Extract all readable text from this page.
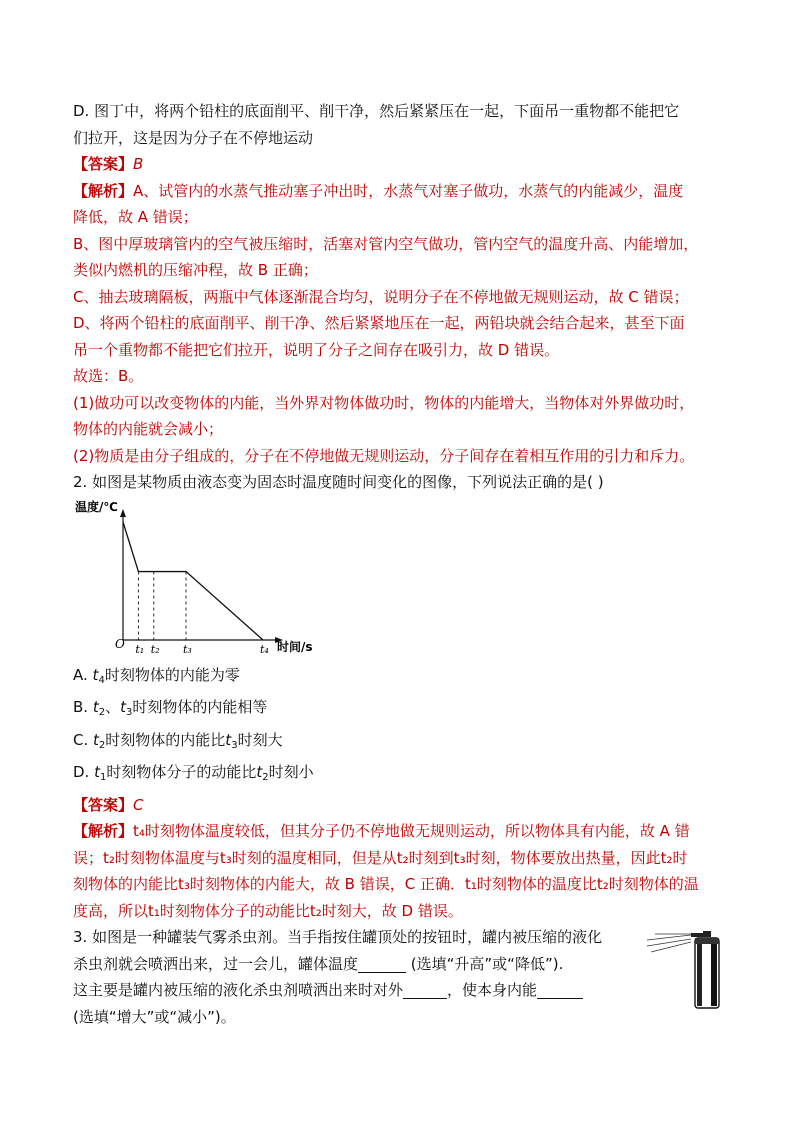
D. 图丁中，将两个铅柱的底面削平、削干净，然后紧紧压在一起，下面吊一重物都不能把它
们拉开，这是因为分子在不停地运动
【答案】B
【解析】A、试管内的水蒸气推动塞子冲出时，水蒸气对塞子做功，水蒸气的内能减少，温度
降低，故 A 错误；
B、图中厚玻璃管内的空气被压缩时，活塞对管内空气做功，管内空气的温度升高、内能增加，
类似内燃机的压缩冲程，故 B 正确；
C、抽去玻璃隔板，两瓶中气体逐渐混合均匀，说明分子在不停地做无规则运动，故 C 错误；
D、将两个铅柱的底面削平、削干净、然后紧紧地压在一起，两铅块就会结合起来，甚至下面
吊一个重物都不能把它们拉开，说明了分子之间存在吸引力，故 D 错误。
故选：B。
(1)做功可以改变物体的内能，当外界对物体做功时，物体的内能增大，当物体对外界做功时，
物体的内能就会减小；
(2)物质是由分子组成的，分子在不停地做无规则运动，分子间存在着相互作用的引力和斥力。
2. 如图是某物质由液态变为固态时温度随时间变化的图像，下列说法正确的是( )
温度/℃
时间/s
O t₁ t₂ t₃	t₄
A. $t_4$时刻物体的内能为零
B. $t_2$、$t_3$时刻物体的内能相等
C. $t_2$时刻物体的内能比$t_3$时刻大
D. $t_1$时刻物体分子的动能比$t_2$时刻小
【答案】C
【解析】t₄时刻物体温度较低，但其分子仍不停地做无规则运动，所以物体具有内能，故 A 错
误；t₂时刻物体温度与t₃时刻的温度相同，但是从t₂时刻到t₃时刻，物体要放出热量，因此t₂时
刻物体的内能比t₃时刻物体的内能大，故 B 错误，C 正确．t₁时刻物体的温度比t₂时刻物体的温
度高，所以t₁时刻物体分子的动能比t₂时刻大，故 D 错误。
3. 如图是一种罐装气雾杀虫剂。当手指按住罐顶处的按钮时，罐内被压缩的液化
杀虫剂就会喷洒出来，过一会儿，罐体温度	(选填“升高”或“降低”).
这主要是罐内被压缩的液化杀虫剂喷洒出来时对外	，使本身内能
(选填“增大”或“减小”)。
